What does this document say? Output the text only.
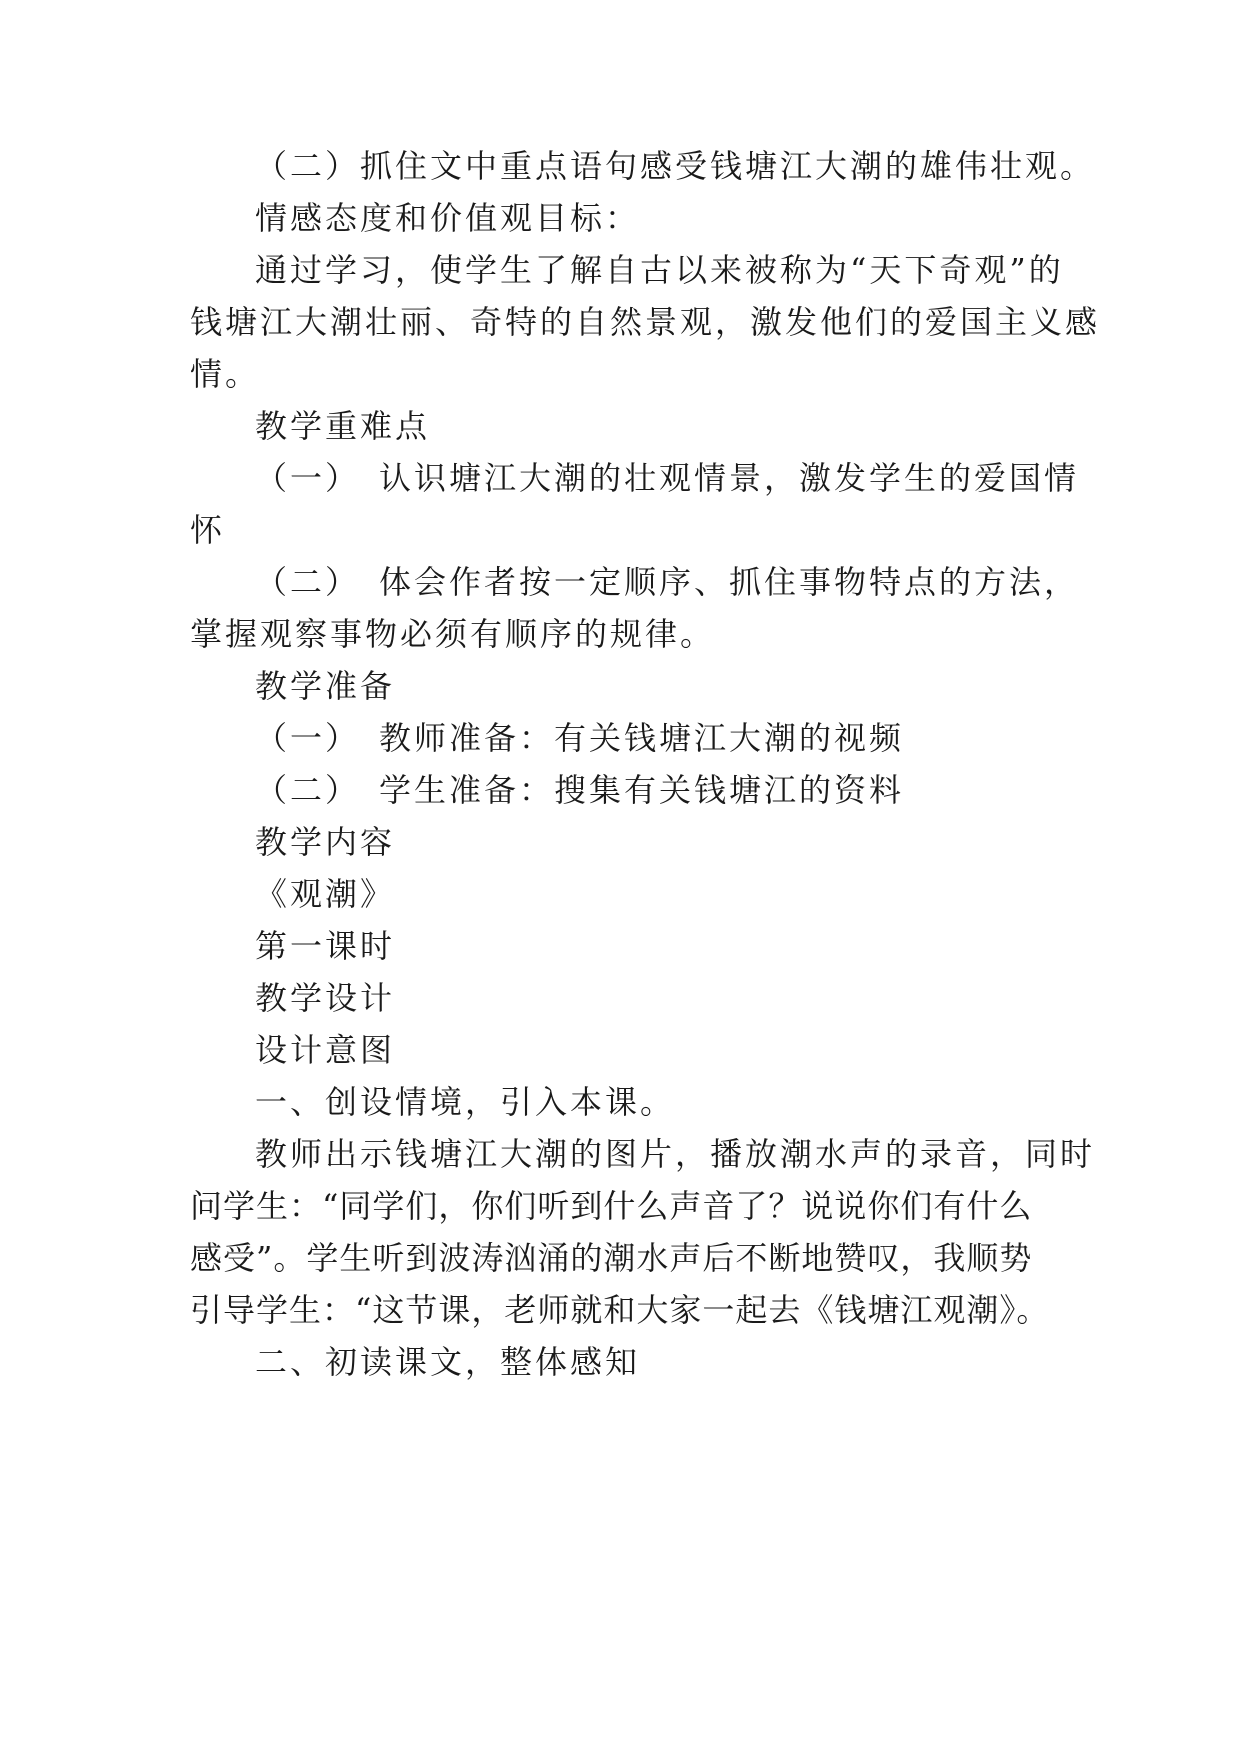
（二）抓住文中重点语句感受钱塘江大潮的雄伟壮观。
情感态度和价值观目标：
通过学习，使学生了解自古以来被称为“天下奇观”的
钱塘江大潮壮丽、奇特的自然景观，激发他们的爱国主义感
情。
教学重难点
（一）　认识塘江大潮的壮观情景，激发学生的爱国情
怀
（二）　体会作者按一定顺序、抓住事物特点的方法，
掌握观察事物必须有顺序的规律。
教学准备
（一）　教师准备：有关钱塘江大潮的视频
（二）　学生准备：搜集有关钱塘江的资料
教学内容
《观潮》
第一课时
教学设计
设计意图
一、创设情境，引入本课。
教师出示钱塘江大潮的图片，播放潮水声的录音，同时
问学生：“同学们，你们听到什么声音了？说说你们有什么
感受”。学生听到波涛汹涌的潮水声后不断地赞叹，我顺势
引导学生：“这节课，老师就和大家一起去《钱塘江观潮》。
二、初读课文，整体感知
